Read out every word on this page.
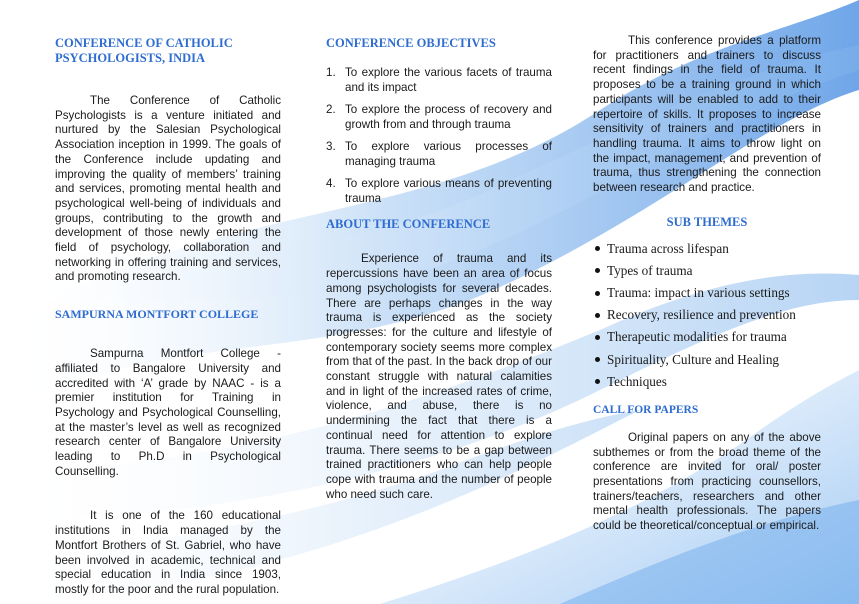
CONFERENCE OF CATHOLIC PSYCHOLOGISTS, INDIA

The Conference of Catholic Psychologists is a venture initiated and nurtured by the Salesian Psychological Association inception in 1999. The goals of the Conference include updating and improving the quality of members’ training and services, promoting mental health and psychological well-being of individuals and groups, contributing to the growth and development of those newly entering the field of psychology, collaboration and networking in offering training and services, and promoting research.

SAMPURNA MONTFORT COLLEGE

Sampurna Montfort College - affiliated to Bangalore University and accredited with ‘A’ grade by NAAC - is a premier institution for Training in Psychology and Psychological Counselling, at the master’s level as well as recognized research center of Bangalore University leading to Ph.D in Psychological Counselling.

It is one of the 160 educational institutions in India managed by the Montfort Brothers of St. Gabriel, who have been involved in academic, technical and special education in India since 1903, mostly for the poor and the rural population.

CONFERENCE OBJECTIVES
1. To explore the various facets of trauma and its impact
2. To explore the process of recovery and growth from and through trauma
3. To explore various processes of managing trauma
4. To explore various means of preventing trauma
ABOUT THE CONFERENCE

Experience of trauma and its repercussions have been an area of focus among psychologists for several decades. There are perhaps changes in the way trauma is experienced as the society progresses: for the culture and lifestyle of contemporary society seems more complex from that of the past. In the back drop of our constant struggle with natural calamities and in light of the increased rates of crime, violence, and abuse, there is no undermining the fact that there is a continual need for attention to explore trauma. There seems to be a gap between trained practitioners who can help people cope with trauma and the number of people who need such care.

This conference provides a platform for practitioners and trainers to discuss recent findings in the field of trauma. It proposes to be a training ground in which participants will be enabled to add to their repertoire of skills. It proposes to increase sensitivity of trainers and practitioners in handling trauma. It aims to throw light on the impact, management, and prevention of trauma, thus strengthening the connection between research and practice.

SUB THEMES
Trauma across lifespan
Types of trauma
Trauma: impact in various settings
Recovery, resilience and prevention
Therapeutic modalities for trauma
Spirituality, Culture and Healing
Techniques
CALL FOR PAPERS

Original papers on any of the above subthemes or from the broad theme of the conference are invited for oral/ poster presentations from practicing counsellors, trainers/teachers, researchers and other mental health professionals. The papers could be theoretical/conceptual or empirical.
